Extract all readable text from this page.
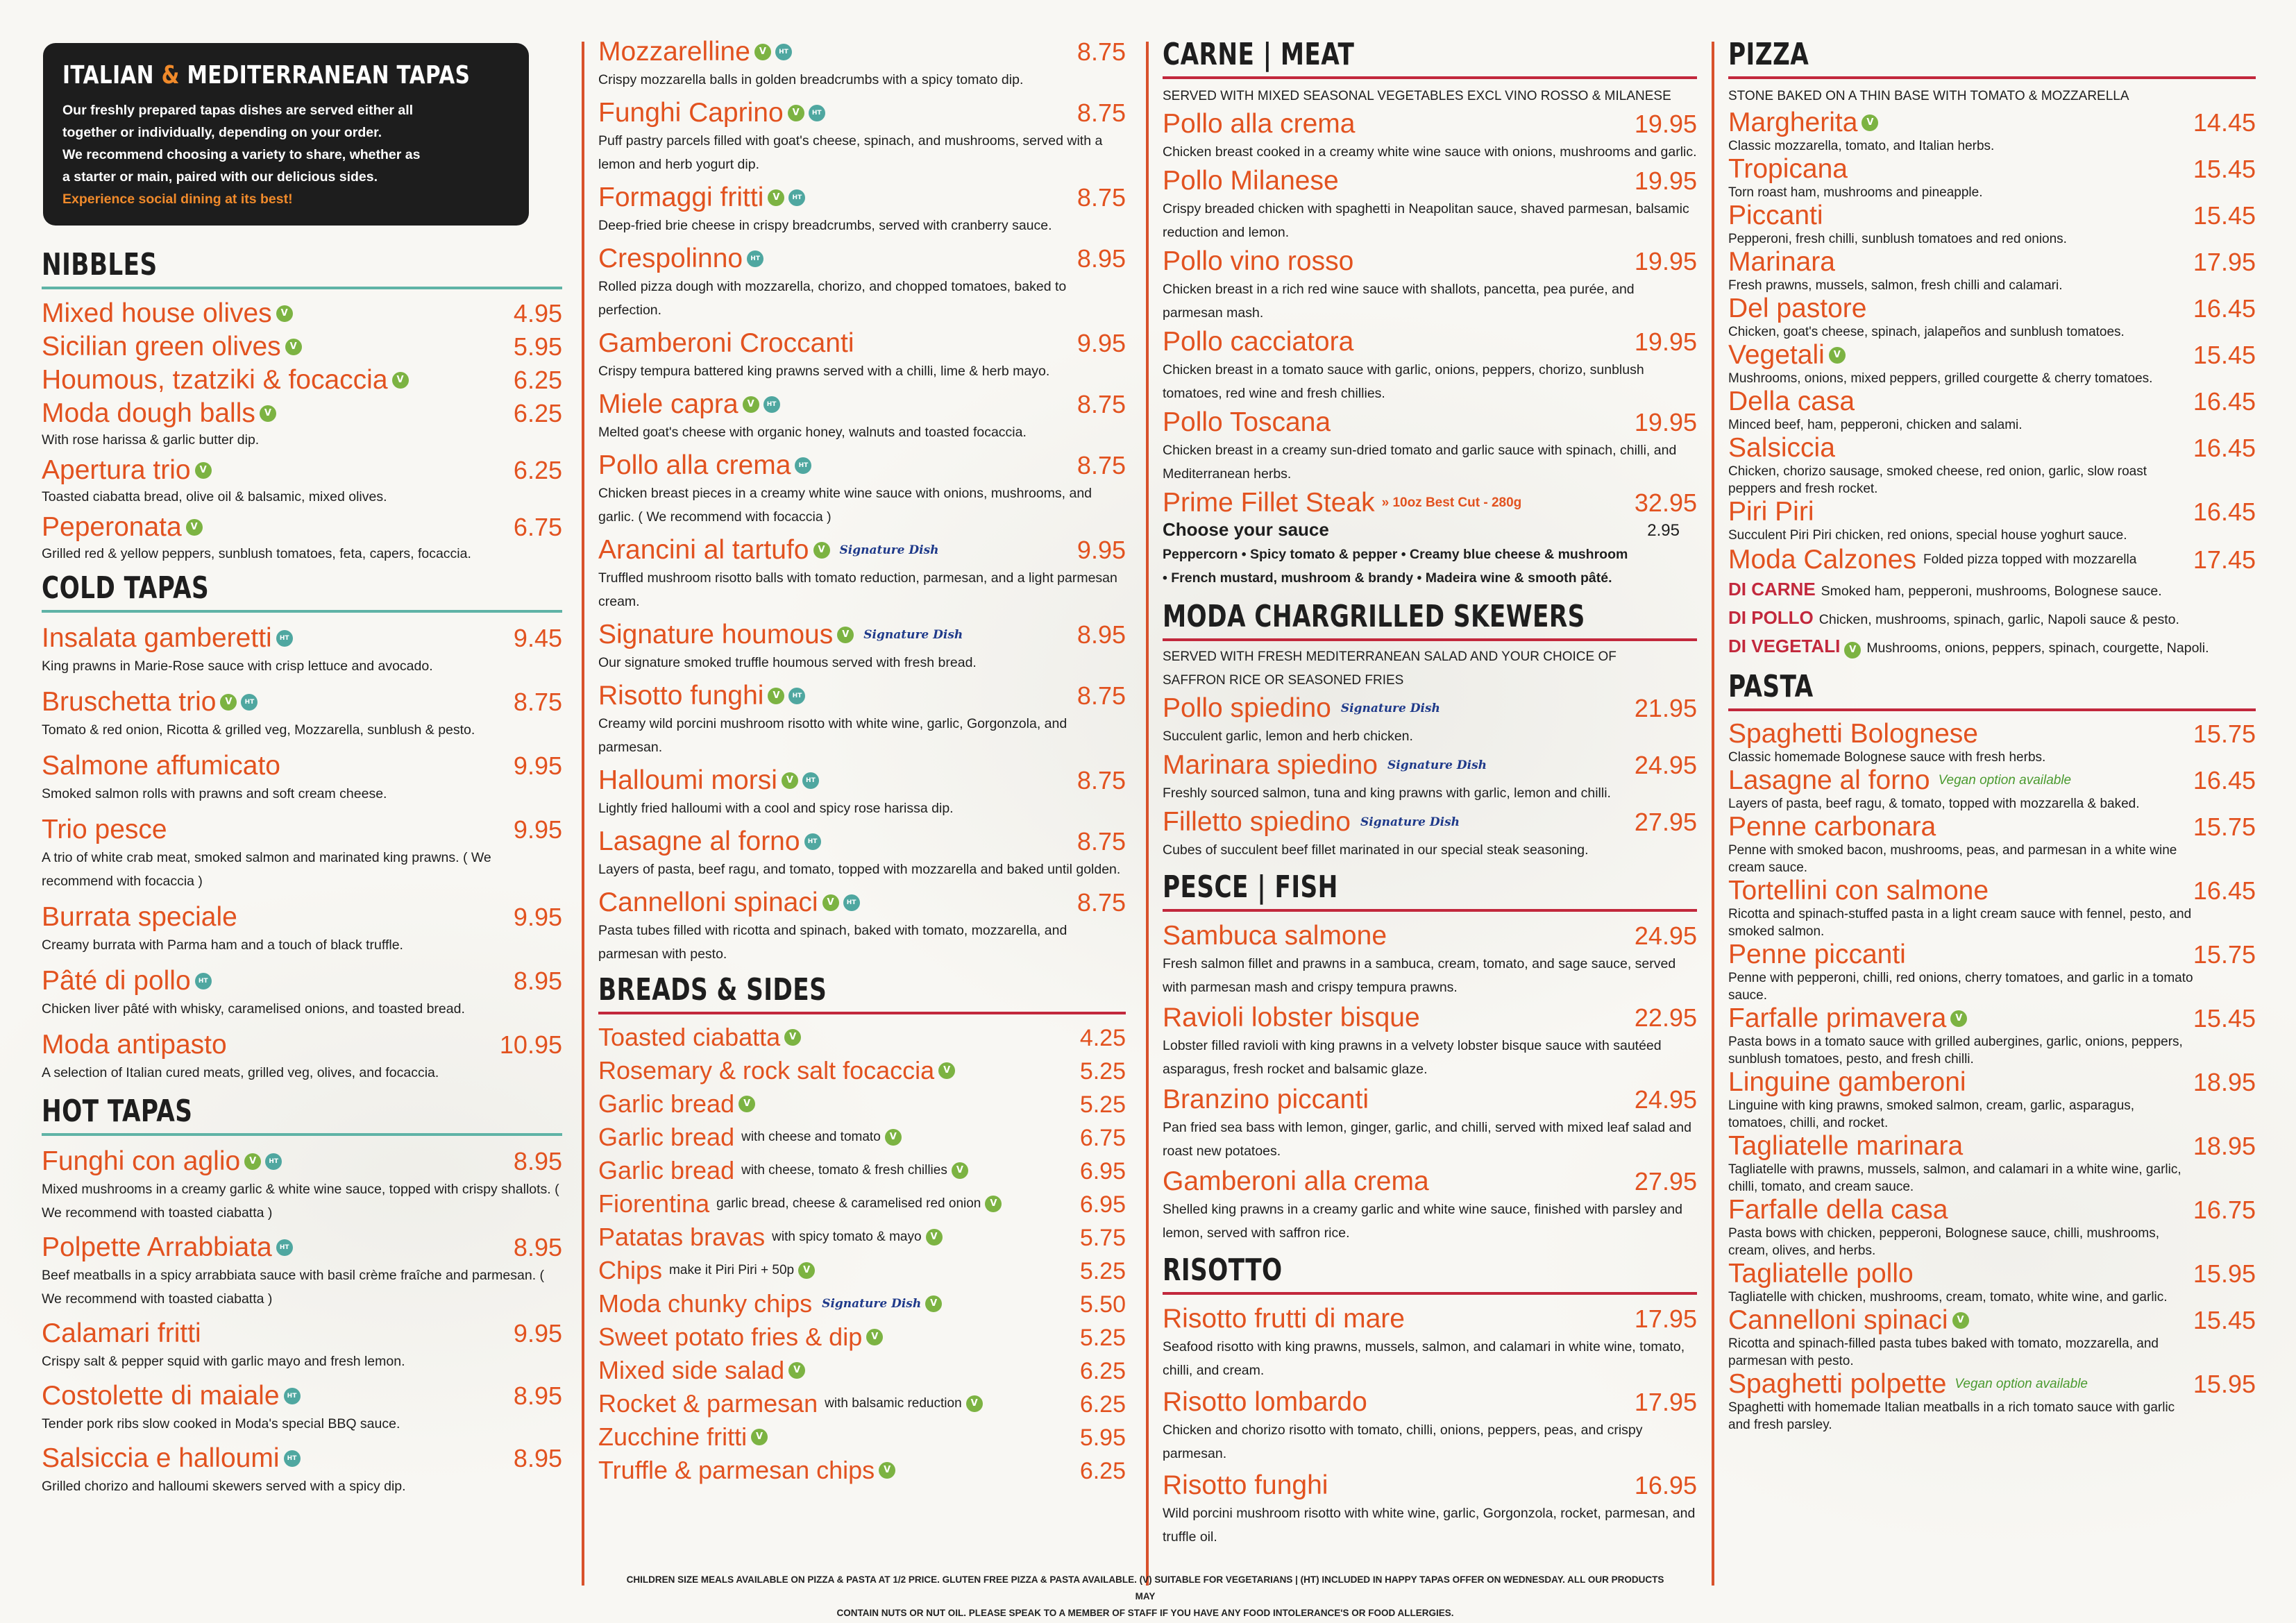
ITALIAN & MEDITERRANEAN TAPAS

Our freshly prepared tapas dishes are served either all

together or individually, depending on your order.

We recommend choosing a variety to share, whether as

a starter or main, paired with our delicious sides.

Experience social dining at its best!

NIBBLES
Mixed house olives V	4.95
Sicilian green olives V	5.95
Houmous, tzatziki & focaccia V	6.25
Moda dough balls V	6.25
With rose harissa & garlic butter dip.
Apertura trio V	6.25
Toasted ciabatta bread, olive oil & balsamic, mixed olives.
Peperonata V	6.75
Grilled red & yellow peppers, sunblush tomatoes, feta, capers, focaccia.
COLD TAPAS
Insalata gamberetti	HT	9.45
King prawns in Marie-Rose sauce with crisp lettuce and avocado.
Bruschetta trio V	HT	8.75
Tomato & red onion, Ricotta & grilled veg, Mozzarella, sunblush & pesto.
Salmone affumicato	9.95
Smoked salmon rolls with prawns and soft cream cheese.
Trio pesce	9.95
A trio of white crab meat, smoked salmon and marinated king prawns. ( We recommend with focaccia )
Burrata speciale	9.95
Creamy burrata with Parma ham and a touch of black truffle.
Pâté di pollo	HT	8.95
Chicken liver pâté with whisky, caramelised onions, and toasted bread.
Moda antipasto	10.95
A selection of Italian cured meats, grilled veg, olives, and focaccia.
HOT TAPAS
Funghi con aglio V	HT	8.95
Mixed mushrooms in a creamy garlic & white wine sauce, topped with crispy shallots. ( We recommend with toasted ciabatta )
Polpette Arrabbiata	HT	8.95
Beef meatballs in a spicy arrabbiata sauce with basil crème fraîche and parmesan. ( We recommend with toasted ciabatta )
Calamari fritti	9.95
Crispy salt & pepper squid with garlic mayo and fresh lemon.
Costolette di maiale	HT	8.95
Tender pork ribs slow cooked in Moda's special BBQ sauce.
Salsiccia e halloumi	HT	8.95
Grilled chorizo and halloumi skewers served with a spicy dip.
Mozzarelline V	HT	8.75
Crispy mozzarella balls in golden breadcrumbs with a spicy tomato dip.
Funghi Caprino V	HT	8.75
Puff pastry parcels filled with goat's cheese, spinach, and mushrooms, served with a lemon and herb yogurt dip.
Formaggi fritti V	HT	8.75
Deep-fried brie cheese in crispy breadcrumbs, served with cranberry sauce.
Crespolinno	HT	8.95
Rolled pizza dough with mozzarella, chorizo, and chopped tomatoes, baked to perfection.
Gamberoni Croccanti	9.95
Crispy tempura battered king prawns served with a chilli, lime & herb mayo.
Miele capra V	HT	8.75
Melted goat's cheese with organic honey, walnuts and toasted focaccia.
Pollo alla crema	HT	8.75
Chicken breast pieces in a creamy white wine sauce with onions, mushrooms, and garlic. ( We recommend with focaccia )
Arancini al tartufo V	Signature Dish	9.95
Truffled mushroom risotto balls with tomato reduction, parmesan, and a light parmesan cream.
Signature houmous V	Signature Dish	8.95
Our signature smoked truffle houmous served with fresh bread.
Risotto funghi V	HT	8.75
Creamy wild porcini mushroom risotto with white wine, garlic, Gorgonzola, and parmesan.
Halloumi morsi V	HT	8.75
Lightly fried halloumi with a cool and spicy rose harissa dip.
Lasagne al forno	HT	8.75
Layers of pasta, beef ragu, and tomato, topped with mozzarella and baked until golden.
Cannelloni spinaci V	HT	8.75
Pasta tubes filled with ricotta and spinach, baked with tomato, mozzarella, and parmesan with pesto.
BREADS & SIDES
Toasted ciabatta V	4.25
Rosemary & rock salt focaccia V	5.25
Garlic bread V	5.25
Garlic bread with cheese and tomato V	6.75
Garlic bread with cheese, tomato & fresh chillies V	6.95
Fiorentina garlic bread, cheese & caramelised red onion V	6.95
Patatas bravas with spicy tomato & mayo V	5.75
Chips make it Piri Piri + 50p V	5.25
Moda chunky chips Signature Dish V	5.50
Sweet potato fries & dip V	5.25
Mixed side salad V	6.25
Rocket & parmesan with balsamic reduction V	6.25
Zucchine fritti V	5.95
Truffle & parmesan chips V	6.25
CARNE | MEAT
SERVED WITH MIXED SEASONAL VEGETABLES EXCL VINO ROSSO & MILANESE
Pollo alla crema	19.95
Chicken breast cooked in a creamy white wine sauce with onions, mushrooms and garlic.
Pollo Milanese	19.95
Crispy breaded chicken with spaghetti in Neapolitan sauce, shaved parmesan, balsamic reduction and lemon.
Pollo vino rosso	19.95
Chicken breast in a rich red wine sauce with shallots, pancetta, pea purée, and parmesan mash.
Pollo cacciatora	19.95
Chicken breast in a tomato sauce with garlic, onions, peppers, chorizo, sunblush tomatoes, red wine and fresh chillies.
Pollo Toscana	19.95
Chicken breast in a creamy sun-dried tomato and garlic sauce with spinach, chilli, and Mediterranean herbs.
Prime Fillet Steak » 10oz Best Cut - 280g	32.95
Choose your sauce	2.95
Peppercorn • Spicy tomato & pepper • Creamy blue cheese & mushroom
• French mustard, mushroom & brandy • Madeira wine & smooth pâté.
MODA CHARGRILLED SKEWERS
SERVED WITH FRESH MEDITERRANEAN SALAD AND YOUR CHOICE OF
SAFFRON RICE OR SEASONED FRIES
Pollo spiedino Signature Dish	21.95
Succulent garlic, lemon and herb chicken.
Marinara spiedino Signature Dish	24.95
Freshly sourced salmon, tuna and king prawns with garlic, lemon and chilli.
Filletto spiedino Signature Dish	27.95
Cubes of succulent beef fillet marinated in our special steak seasoning.
PESCE | FISH
Sambuca salmone	24.95
Fresh salmon fillet and prawns in a sambuca, cream, tomato, and sage sauce, served with parmesan mash and crispy tempura prawns.
Ravioli lobster bisque	22.95
Lobster filled ravioli with king prawns in a velvety lobster bisque sauce with sautéed asparagus, fresh rocket and balsamic glaze.
Branzino piccanti	24.95
Pan fried sea bass with lemon, ginger, garlic, and chilli, served with mixed leaf salad and roast new potatoes.
Gamberoni alla crema	27.95
Shelled king prawns in a creamy garlic and white wine sauce, finished with parsley and lemon, served with saffron rice.
RISOTTO
Risotto frutti di mare	17.95
Seafood risotto with king prawns, mussels, salmon, and calamari in white wine, tomato, chilli, and cream.
Risotto lombardo	17.95
Chicken and chorizo risotto with tomato, chilli, onions, peppers, peas, and crispy parmesan.
Risotto funghi	16.95
Wild porcini mushroom risotto with white wine, garlic, Gorgonzola, rocket, parmesan, and truffle oil.
PIZZA
STONE BAKED ON A THIN BASE WITH TOMATO & MOZZARELLA
Margherita V	14.45
Classic mozzarella, tomato, and Italian herbs.
Tropicana	15.45
Torn roast ham, mushrooms and pineapple.
Piccanti	15.45
Pepperoni, fresh chilli, sunblush tomatoes and red onions.
Marinara	17.95
Fresh prawns, mussels, salmon, fresh chilli and calamari.
Del pastore	16.45
Chicken, goat's cheese, spinach, jalapeños and sunblush tomatoes.
Vegetali V	15.45
Mushrooms, onions, mixed peppers, grilled courgette & cherry tomatoes.
Della casa	16.45
Minced beef, ham, pepperoni, chicken and salami.
Salsiccia	16.45
Chicken, chorizo sausage, smoked cheese, red onion, garlic, slow roast peppers and fresh rocket.
Piri Piri	16.45
Succulent Piri Piri chicken, red onions, special house yoghurt sauce.
Moda Calzones Folded pizza topped with mozzarella 17.45
DI CARNE Smoked ham, pepperoni, mushrooms, Bolognese sauce.
DI POLLO Chicken, mushrooms, spinach, garlic, Napoli sauce & pesto.
DI VEGETALI V Mushrooms, onions, peppers, spinach, courgette, Napoli.
PASTA
Spaghetti Bolognese	15.75
Classic homemade Bolognese sauce with fresh herbs.
Lasagne al forno Vegan option available	16.45
Layers of pasta, beef ragu, & tomato, topped with mozzarella & baked.
Penne carbonara	15.75
Penne with smoked bacon, mushrooms, peas, and parmesan in a white wine cream sauce.
Tortellini con salmone	16.45
Ricotta and spinach-stuffed pasta in a light cream sauce with fennel, pesto, and smoked salmon.
Penne piccanti	15.75
Penne with pepperoni, chilli, red onions, cherry tomatoes, and garlic in a tomato sauce.
Farfalle primavera V	15.45
Pasta bows in a tomato sauce with grilled aubergines, garlic, onions, peppers, sunblush tomatoes, pesto, and fresh chilli.
Linguine gamberoni	18.95
Linguine with king prawns, smoked salmon, cream, garlic, asparagus, tomatoes, chilli, and rocket.
Tagliatelle marinara	18.95
Tagliatelle with prawns, mussels, salmon, and calamari in a white wine, garlic, chilli, tomato, and cream sauce.
Farfalle della casa	16.75
Pasta bows with chicken, pepperoni, Bolognese sauce, chilli, mushrooms, cream, olives, and herbs.
Tagliatelle pollo	15.95
Tagliatelle with chicken, mushrooms, cream, tomato, white wine, and garlic.
Cannelloni spinaci V	15.45
Ricotta and spinach-filled pasta tubes baked with tomato, mozzarella, and parmesan with pesto.
Spaghetti polpette Vegan option available	15.95
Spaghetti with homemade Italian meatballs in a rich tomato sauce with garlic and fresh parsley.
CHILDREN SIZE MEALS AVAILABLE ON PIZZA & PASTA AT 1/2 PRICE. GLUTEN FREE PIZZA & PASTA AVAILABLE. (V) SUITABLE FOR VEGETARIANS | (HT) INCLUDED IN HAPPY TAPAS OFFER ON WEDNESDAY. ALL OUR PRODUCTS MAY
CONTAIN NUTS OR NUT OIL. PLEASE SPEAK TO A MEMBER OF STAFF IF YOU HAVE ANY FOOD INTOLERANCE'S OR FOOD ALLERGIES.
